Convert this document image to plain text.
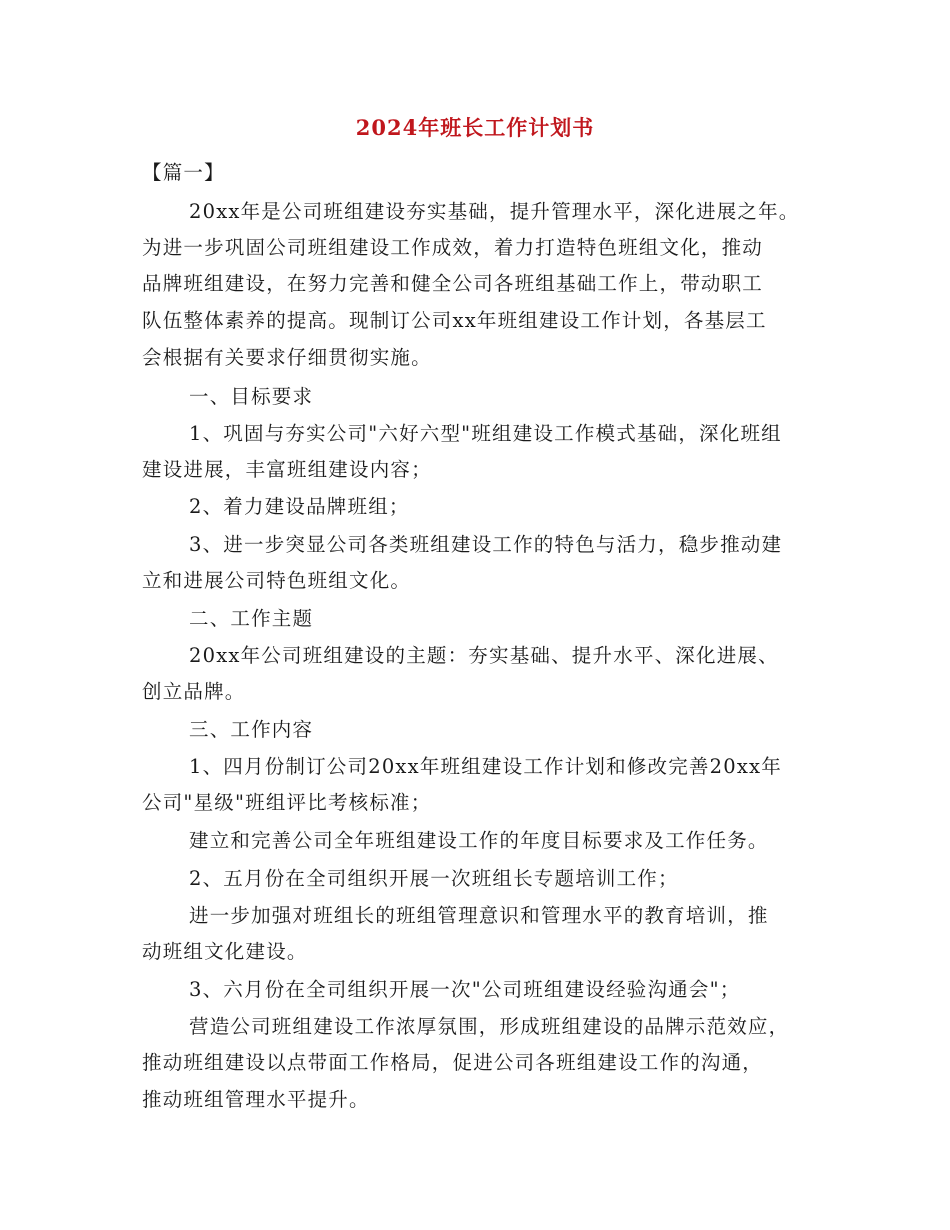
2024年班长工作计划书
【篇一】
20xx年是公司班组建设夯实基础，提升管理水平，深化进展之年。
为进一步巩固公司班组建设工作成效，着力打造特色班组文化，推动
品牌班组建设，在努力完善和健全公司各班组基础工作上，带动职工
队伍整体素养的提高。现制订公司xx年班组建设工作计划，各基层工
会根据有关要求仔细贯彻实施。
一、目标要求
1、巩固与夯实公司"六好六型"班组建设工作模式基础，深化班组
建设进展，丰富班组建设内容；
2、着力建设品牌班组；
3、进一步突显公司各类班组建设工作的特色与活力，稳步推动建
立和进展公司特色班组文化。
二、工作主题
20xx年公司班组建设的主题：夯实基础、提升水平、深化进展、
创立品牌。
三、工作内容
1、四月份制订公司20xx年班组建设工作计划和修改完善20xx年
公司"星级"班组评比考核标准；
建立和完善公司全年班组建设工作的年度目标要求及工作任务。
2、五月份在全司组织开展一次班组长专题培训工作；
进一步加强对班组长的班组管理意识和管理水平的教育培训，推
动班组文化建设。
3、六月份在全司组织开展一次"公司班组建设经验沟通会"；
营造公司班组建设工作浓厚氛围，形成班组建设的品牌示范效应，
推动班组建设以点带面工作格局，促进公司各班组建设工作的沟通，
推动班组管理水平提升。
